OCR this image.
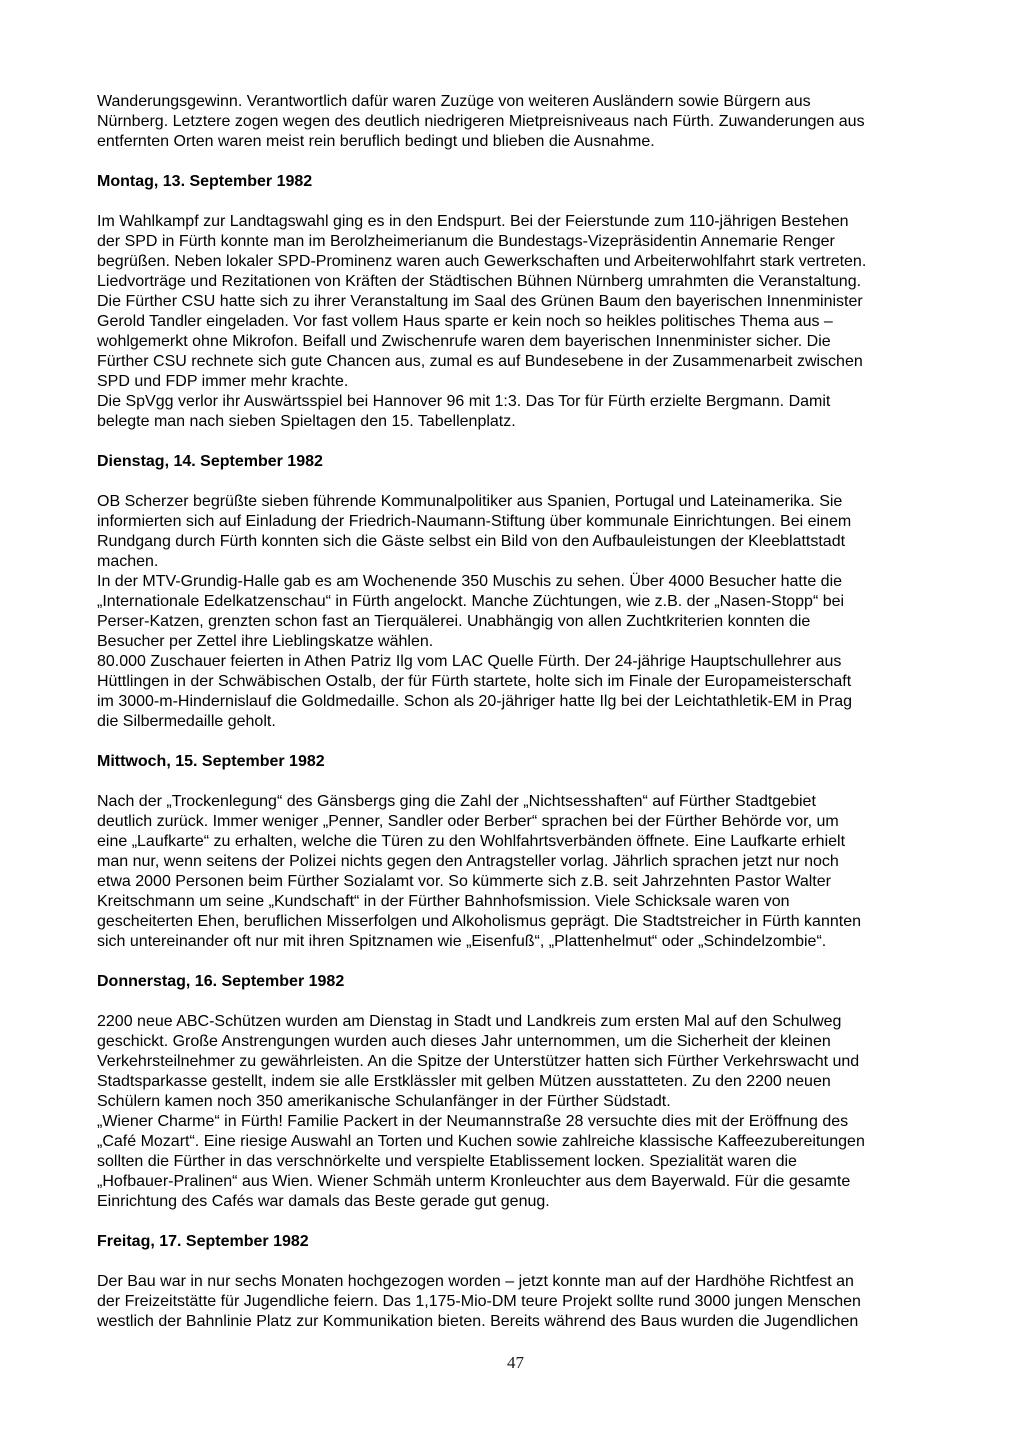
Wanderungsgewinn. Verantwortlich dafür waren Zuzüge von weiteren Ausländern sowie Bürgern aus
Nürnberg. Letztere zogen wegen des deutlich niedrigeren Mietpreisniveaus nach Fürth. Zuwanderungen aus
entfernten Orten waren meist rein beruflich bedingt und blieben die Ausnahme.
Montag, 13. September 1982
Im Wahlkampf zur Landtagswahl ging es in den Endspurt. Bei der Feierstunde zum 110-jährigen Bestehen
der SPD in Fürth konnte man im Berolzheimerianum die Bundestags-Vizepräsidentin Annemarie Renger
begrüßen. Neben lokaler SPD-Prominenz waren auch Gewerkschaften und Arbeiterwohlfahrt stark vertreten.
Liedvorträge und Rezitationen von Kräften der Städtischen Bühnen Nürnberg umrahmten die Veranstaltung.
Die Fürther CSU hatte sich zu ihrer Veranstaltung im Saal des Grünen Baum den bayerischen Innenminister
Gerold Tandler eingeladen. Vor fast vollem Haus sparte er kein noch so heikles politisches Thema aus –
wohlgemerkt ohne Mikrofon. Beifall und Zwischenrufe waren dem bayerischen Innenminister sicher. Die
Fürther CSU rechnete sich gute Chancen aus, zumal es auf Bundesebene in der Zusammenarbeit zwischen
SPD und FDP immer mehr krachte.
Die SpVgg verlor ihr Auswärtsspiel bei Hannover 96 mit 1:3. Das Tor für Fürth erzielte Bergmann. Damit
belegte man nach sieben Spieltagen den 15. Tabellenplatz.
Dienstag, 14. September 1982
OB Scherzer begrüßte sieben führende Kommunalpolitiker aus Spanien, Portugal und Lateinamerika. Sie
informierten sich auf Einladung der Friedrich-Naumann-Stiftung über kommunale Einrichtungen. Bei einem
Rundgang durch Fürth konnten sich die Gäste selbst ein Bild von den Aufbauleistungen der Kleeblattstadt
machen.
In der MTV-Grundig-Halle gab es am Wochenende 350 Muschis zu sehen. Über 4000 Besucher hatte die
„Internationale Edelkatzenschau“ in Fürth angelockt. Manche Züchtungen, wie z.B. der „Nasen-Stopp“ bei
Perser-Katzen, grenzten schon fast an Tierquälerei. Unabhängig von allen Zuchtkriterien konnten die
Besucher per Zettel ihre Lieblingskatze wählen.
80.000 Zuschauer feierten in Athen Patriz Ilg vom LAC Quelle Fürth. Der 24-jährige Hauptschullehrer aus
Hüttlingen in der Schwäbischen Ostalb, der für Fürth startete, holte sich im Finale der Europameisterschaft
im 3000-m-Hindernislauf die Goldmedaille. Schon als 20-jähriger hatte Ilg bei der Leichtathletik-EM in Prag
die Silbermedaille geholt.
Mittwoch, 15. September 1982
Nach der „Trockenlegung“ des Gänsbergs ging die Zahl der „Nichtsesshaften“ auf Fürther Stadtgebiet
deutlich zurück. Immer weniger „Penner, Sandler oder Berber“ sprachen bei der Fürther Behörde vor, um
eine „Laufkarte“ zu erhalten, welche die Türen zu den Wohlfahrtsverbänden öffnete. Eine Laufkarte erhielt
man nur, wenn seitens der Polizei nichts gegen den Antragsteller vorlag. Jährlich sprachen jetzt nur noch
etwa 2000 Personen beim Fürther Sozialamt vor. So kümmerte sich z.B. seit Jahrzehnten Pastor Walter
Kreitschmann um seine „Kundschaft“ in der Fürther Bahnhofsmission. Viele Schicksale waren von
gescheiterten Ehen, beruflichen Misserfolgen und Alkoholismus geprägt. Die Stadtstreicher in Fürth kannten
sich untereinander oft nur mit ihren Spitznamen wie „Eisenfuß“, „Plattenhelmut“ oder „Schindelzombie“.
Donnerstag, 16. September 1982
2200 neue ABC-Schützen wurden am Dienstag in Stadt und Landkreis zum ersten Mal auf den Schulweg
geschickt. Große Anstrengungen wurden auch dieses Jahr unternommen, um die Sicherheit der kleinen
Verkehrsteilnehmer zu gewährleisten. An die Spitze der Unterstützer hatten sich Fürther Verkehrswacht und
Stadtsparkasse gestellt, indem sie alle Erstklässler mit gelben Mützen ausstatteten. Zu den 2200 neuen
Schülern kamen noch 350 amerikanische Schulanfänger in der Fürther Südstadt.
„Wiener Charme“ in Fürth! Familie Packert in der Neumannstraße 28 versuchte dies mit der Eröffnung des
„Café Mozart“. Eine riesige Auswahl an Torten und Kuchen sowie zahlreiche klassische Kaffeezubereitungen
sollten die Fürther in das verschnörkelte und verspielte Etablissement locken. Spezialität waren die
„Hofbauer-Pralinen“ aus Wien. Wiener Schmäh unterm Kronleuchter aus dem Bayerwald. Für die gesamte
Einrichtung des Cafés war damals das Beste gerade gut genug.
Freitag, 17. September 1982
Der Bau war in nur sechs Monaten hochgezogen worden – jetzt konnte man auf der Hardhöhe Richtfest an
der Freizeitstätte für Jugendliche feiern. Das 1,175-Mio-DM teure Projekt sollte rund 3000 jungen Menschen
westlich der Bahnlinie Platz zur Kommunikation bieten. Bereits während des Baus wurden die Jugendlichen
47
